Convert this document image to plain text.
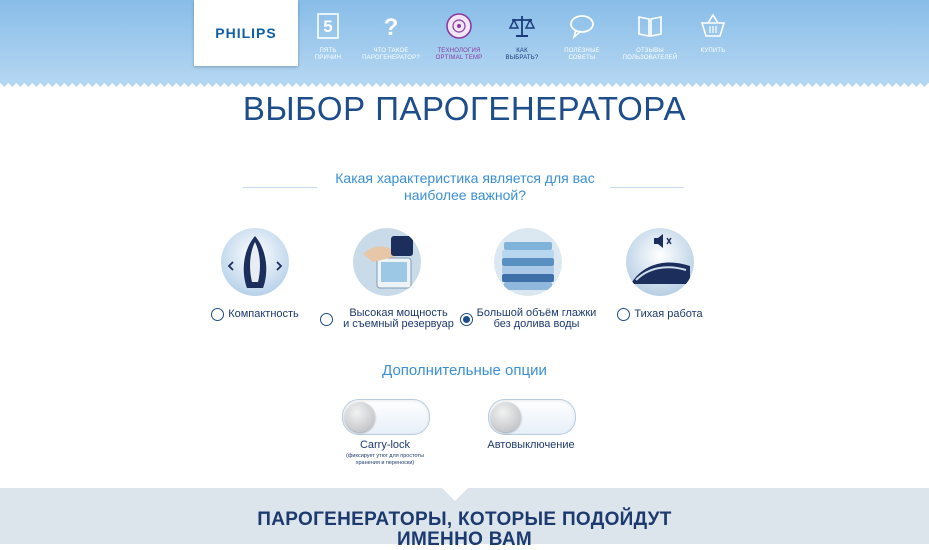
PHILIPS	5
ПЯТЬ
ПРИЧИН
?
ЧТО ТАКОЕ
ПАРОГЕНЕРАТОР?
ТЕХНОЛОГИЯ
OPTIMAL TEMP
КАК
ВЫБРАТЬ?
ПОЛЕЗНЫЕ
СОВЕТЫ
ОТЗЫВЫ
ПОЛЬЗОВАТЕЛЕЙ
КУПИТЬ
ВЫБОР ПАРОГЕНЕРАТОРА
Какая характеристика является для вас
наиболее важной?
Компактность	Высокая мощность
и съемный резервуар
Большой объём глажки
без долива воды
Тихая работа
Дополнительные опции
Carry-lock
(фиксирует утюг для простоты
хранения и переноски)
Автовыключение
ПАРОГЕНЕРАТОРЫ, КОТОРЫЕ ПОДОЙДУТ
ИМЕННО ВАМ
